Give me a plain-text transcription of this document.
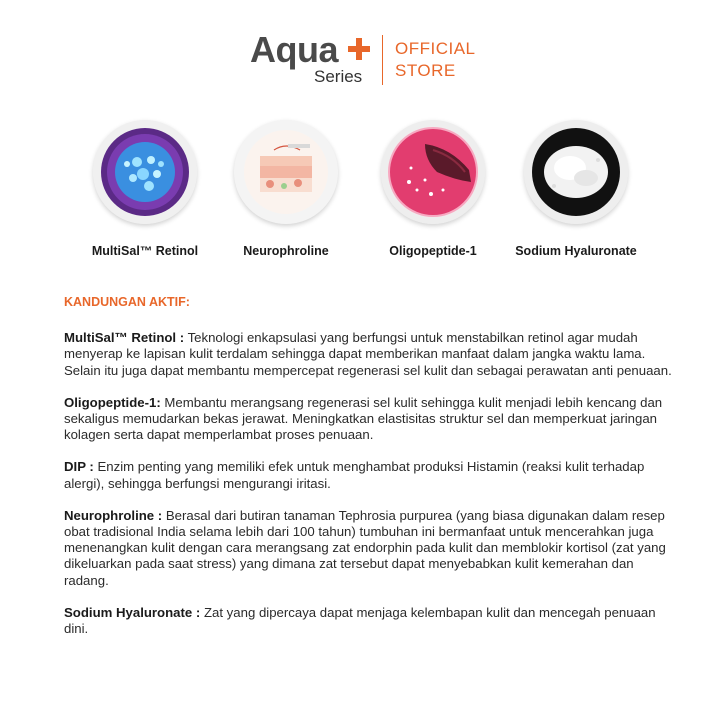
Aqua
Series
OFFICIAL
STORE
MultiSal™ Retinol	Neurophroline	Oligopeptide-1	Sodium Hyaluronate
KANDUNGAN AKTIF:

MultiSal™ Retinol : Teknologi enkapsulasi yang berfungsi untuk menstabilkan retinol agar mudah menyerap ke lapisan kulit terdalam sehingga dapat memberikan manfaat dalam jangka waktu lama. Selain itu juga dapat membantu mempercepat regenerasi sel kulit dan sebagai perawatan anti penuaan.

Oligopeptide-1: Membantu merangsang regenerasi sel kulit sehingga kulit menjadi lebih kencang dan sekaligus memudarkan bekas jerawat. Meningkatkan elastisitas struktur sel dan memperkuat jaringan kolagen serta dapat memperlambat proses penuaan.

DIP : Enzim penting yang memiliki efek untuk menghambat produksi Histamin (reaksi kulit terhadap alergi), sehingga berfungsi mengurangi iritasi.

Neurophroline : Berasal dari butiran tanaman Tephrosia purpurea (yang biasa digunakan dalam resep obat tradisional India selama lebih dari 100 tahun) tumbuhan ini bermanfaat untuk mencerahkan juga menenangkan kulit dengan cara merangsang zat endorphin pada kulit dan memblokir kortisol (zat yang dikeluarkan pada saat stress) yang dimana zat tersebut dapat menyebabkan kulit kemerahan dan radang.

Sodium Hyaluronate : Zat yang dipercaya dapat menjaga kelembapan kulit dan mencegah penuaan dini.
